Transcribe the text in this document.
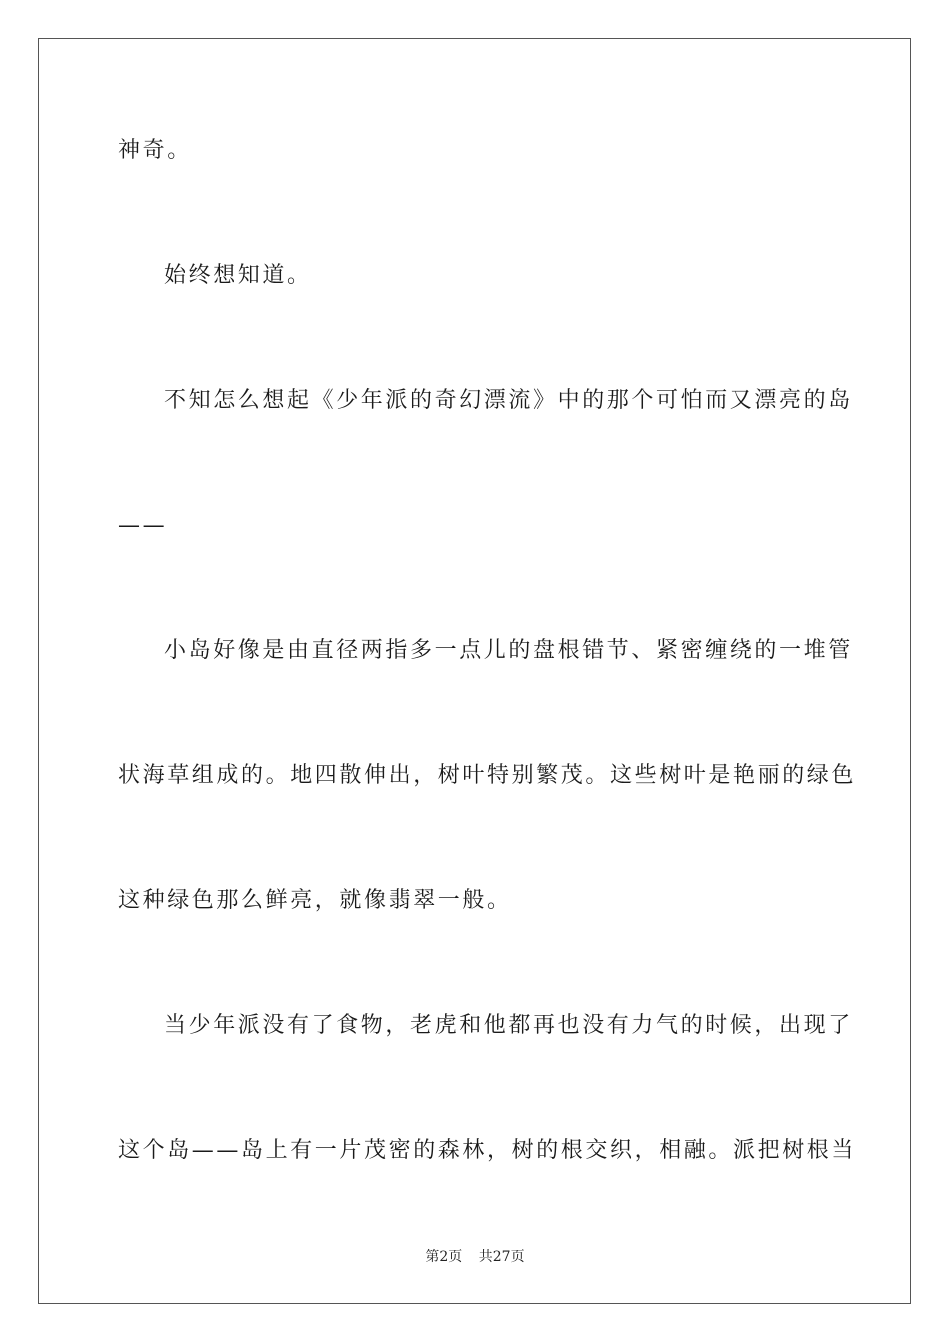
神奇。
始终想知道。
不知怎么想起《少年派的奇幻漂流》中的那个可怕而又漂亮的岛
——
小岛好像是由直径两指多一点儿的盘根错节、紧密缠绕的一堆管
状海草组成的。地四散伸出，树叶特别繁茂。这些树叶是艳丽的绿色
这种绿色那么鲜亮，就像翡翠一般。
当少年派没有了食物，老虎和他都再也没有力气的时候，出现了
这个岛——岛上有一片茂密的森林，树的根交织，相融。派把树根当
第2页 共27页
